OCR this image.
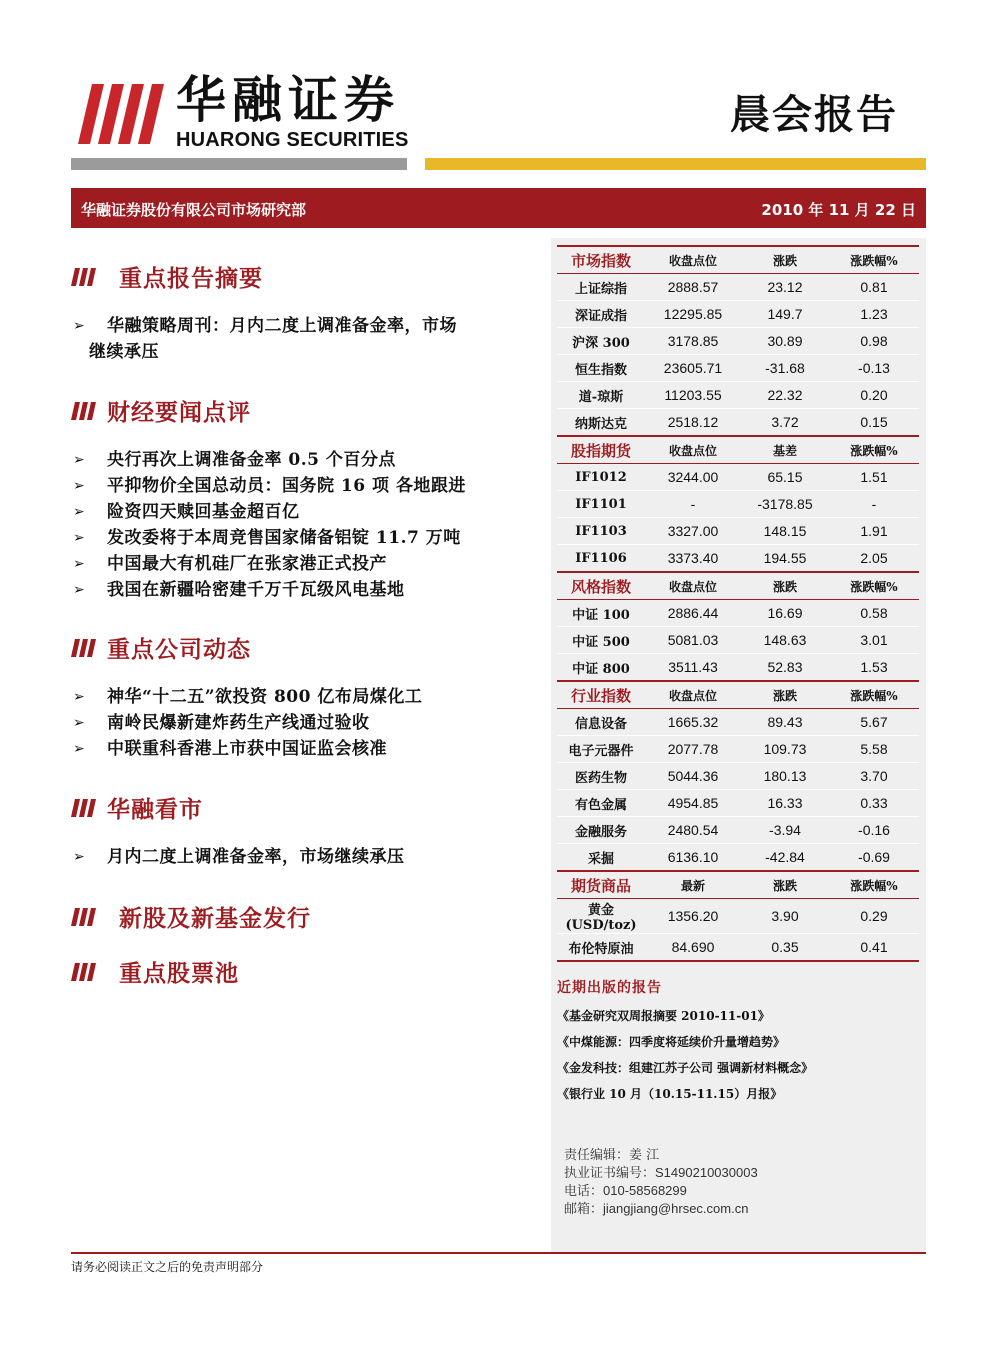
华融证券
HUARONG SECURITIES
晨会报告
华融证券股份有限公司市场研究部	2010 年 11 月 22 日
重点报告摘要
➢ 华融策略周刊：月内二度上调准备金率，市场
继续承压
财经要闻点评
➢ 央行再次上调准备金率 0.5 个百分点
➢ 平抑物价全国总动员：国务院 16 项 各地跟进
➢ 险资四天赎回基金超百亿
➢ 发改委将于本周竞售国家储备铝锭 11.7 万吨
➢ 中国最大有机硅厂在张家港正式投产
➢ 我国在新疆哈密建千万千瓦级风电基地
重点公司动态
➢ 神华“十二五”欲投资 800 亿布局煤化工
➢ 南岭民爆新建炸药生产线通过验收
➢ 中联重科香港上市获中国证监会核准
华融看市
➢ 月内二度上调准备金率，市场继续承压
新股及新基金发行
重点股票池
市场指数	收盘点位	涨跌	涨跌幅%
上证综指	2888.57	23.12	0.81
深证成指	12295.85	149.7	1.23
沪深 300	3178.85	30.89	0.98
恒生指数	23605.71	-31.68	-0.13
道-琼斯	11203.55	22.32	0.20
纳斯达克	2518.12	3.72	0.15
股指期货	收盘点位	基差	涨跌幅%
IF1012	3244.00	65.15	1.51
IF1101	-	-3178.85	-
IF1103	3327.00	148.15	1.91
IF1106	3373.40	194.55	2.05
风格指数	收盘点位	涨跌	涨跌幅%
中证 100	2886.44	16.69	0.58
中证 500	5081.03	148.63	3.01
中证 800	3511.43	52.83	1.53
行业指数	收盘点位	涨跌	涨跌幅%
信息设备	1665.32	89.43	5.67
电子元器件	2077.78	109.73	5.58
医药生物	5044.36	180.13	3.70
有色金属	4954.85	16.33	0.33
金融服务	2480.54	-3.94	-0.16
采掘	6136.10	-42.84	-0.69
期货商品	最新	涨跌	涨跌幅%
黄金(USD/toz)	1356.20	3.90	0.29
布伦特原油	84.690	0.35	0.41
近期出版的报告
《基金研究双周报摘要 2010-11-01》
《中煤能源：四季度将延续价升量增趋势》
《金发科技：组建江苏子公司 强调新材料概念》
《银行业 10 月（10.15-11.15）月报》
责任编辑：姜 江
执业证书编号：S1490210030003
电话：010-58568299
邮箱：jiangjiang@hrsec.com.cn
请务必阅读正文之后的免责声明部分
